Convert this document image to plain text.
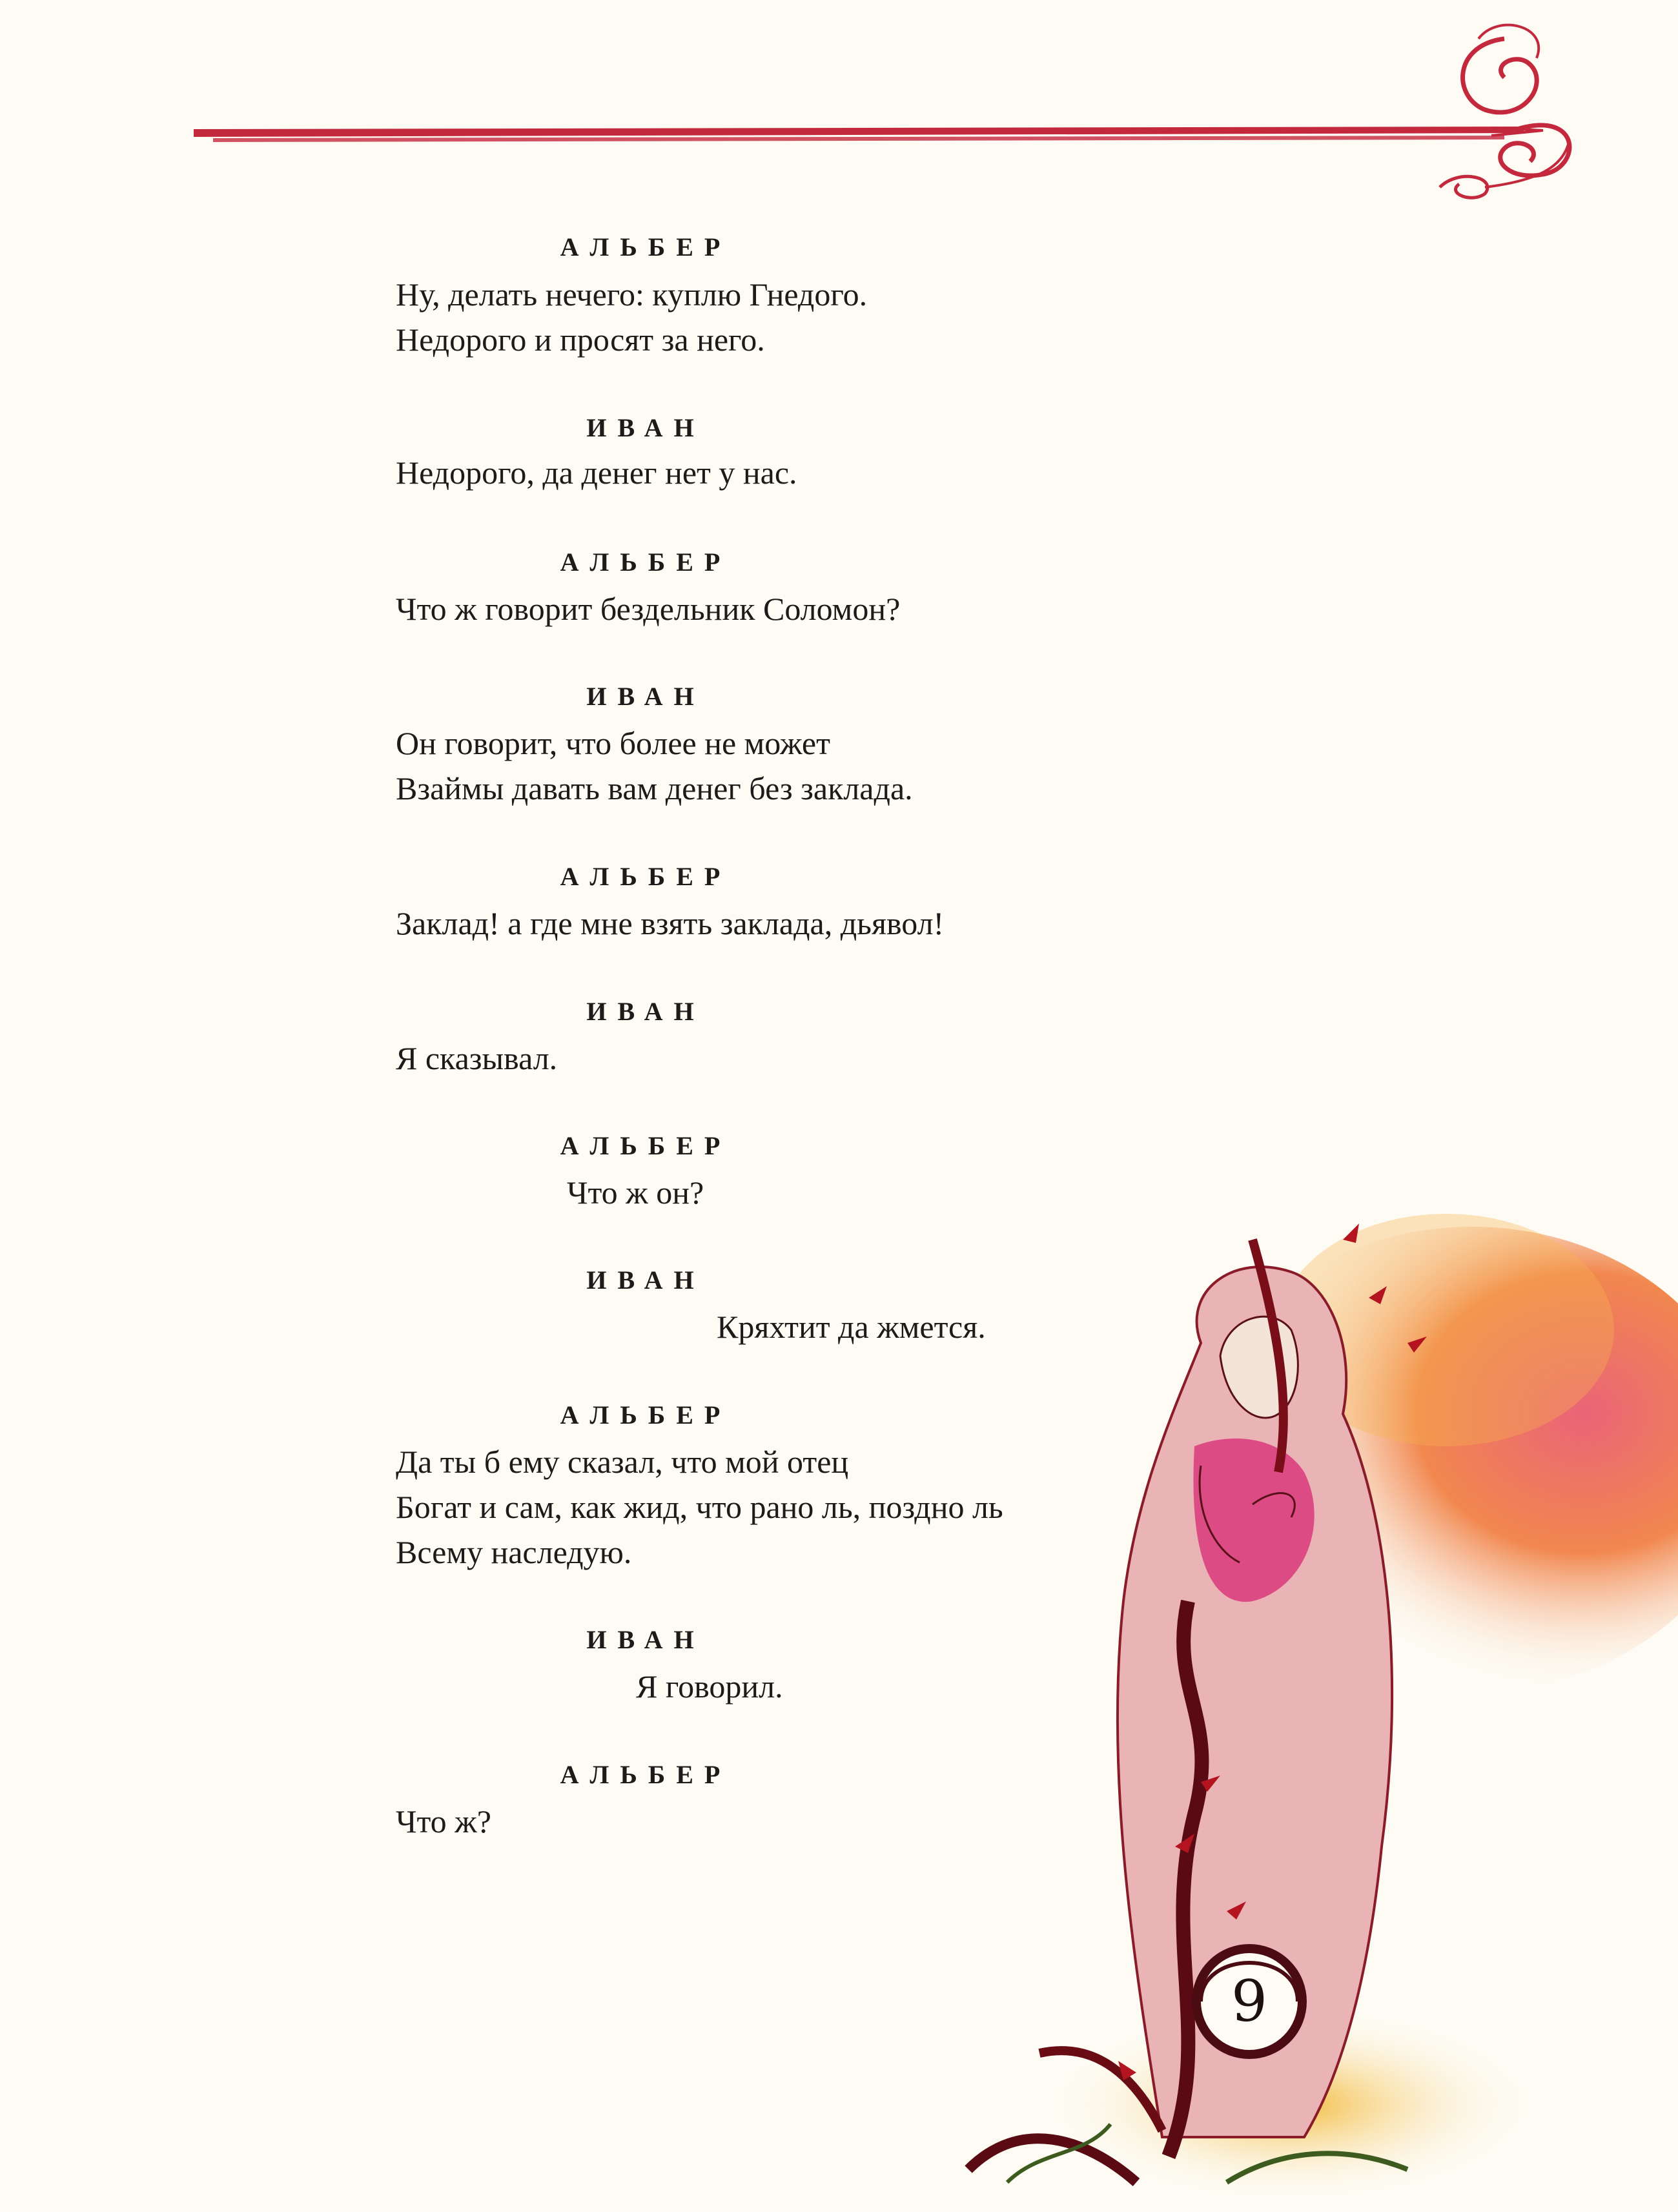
АЛЬБЕР
Ну, делать нечего: куплю Гнедого.
Недорого и просят за него.
ИВАН
Недорого, да денег нет у нас.
АЛЬБЕР
Что ж говорит бездельник Соломон?
ИВАН
Он говорит, что более не может
Взаймы давать вам денег без заклада.
АЛЬБЕР
Заклад! а где мне взять заклада, дьявол!
ИВАН
Я сказывал.
АЛЬБЕР
Что ж он?
ИВАН
Кряхтит да жмется.
АЛЬБЕР
Да ты б ему сказал, что мой отец
Богат и сам, как жид, что рано ль, поздно ль
Всему наследую.
ИВАН
Я говорил.
АЛЬБЕР
Что ж?
9
